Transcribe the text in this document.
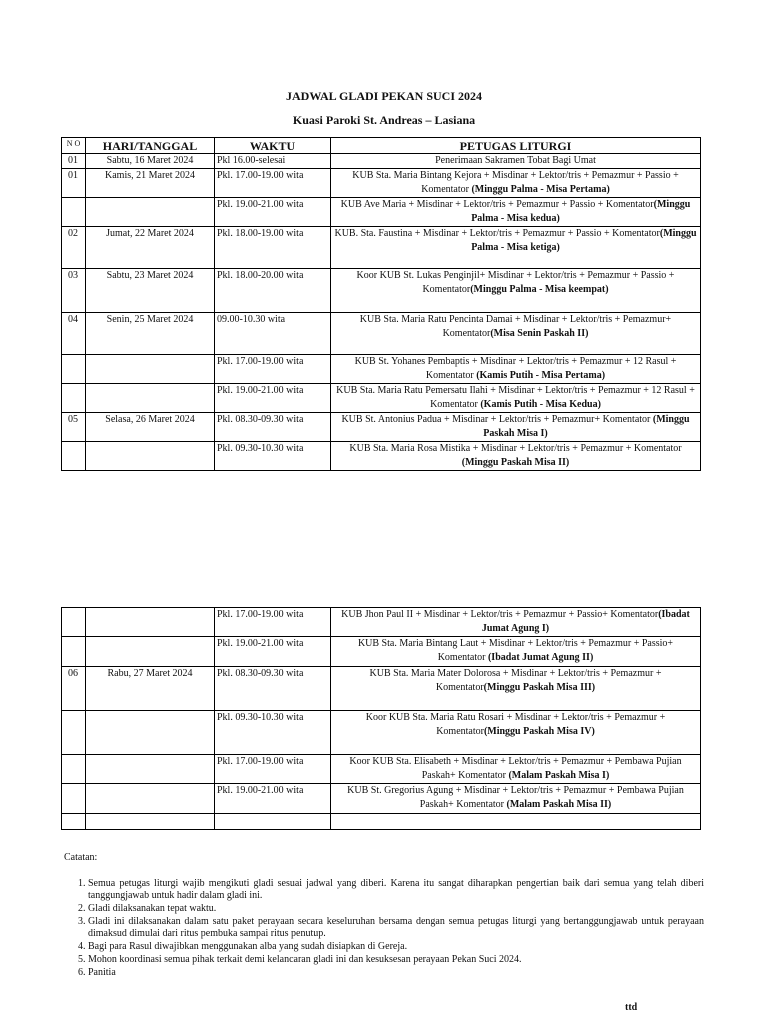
JADWAL GLADI PEKAN SUCI 2024
Kuasi Paroki St. Andreas – Lasiana
N O	HARI/TANGGAL	WAKTU	PETUGAS LITURGI
01	Sabtu, 16 Maret 2024	Pkl 16.00-selesai	Penerimaan Sakramen Tobat Bagi Umat
01	Kamis, 21 Maret 2024	Pkl. 17.00-19.00 wita	KUB Sta. Maria Bintang Kejora + Misdinar + Lektor/tris + Pemazmur + Passio + Komentator (Minggu Palma - Misa Pertama)
		Pkl. 19.00-21.00 wita	KUB Ave Maria + Misdinar + Lektor/tris + Pemazmur + Passio + Komentator(Minggu Palma - Misa kedua)
02	Jumat, 22 Maret 2024	Pkl. 18.00-19.00 wita	KUB. Sta. Faustina + Misdinar + Lektor/tris + Pemazmur + Passio + Komentator(Minggu Palma - Misa ketiga)
03	Sabtu, 23 Maret 2024	Pkl. 18.00-20.00 wita	Koor KUB St. Lukas Penginjil+ Misdinar + Lektor/tris + Pemazmur + Passio + Komentator(Minggu Palma - Misa keempat)
04	Senin, 25 Maret 2024	09.00-10.30 wita	KUB Sta. Maria Ratu Pencinta Damai + Misdinar + Lektor/tris + Pemazmur+ Komentator(Misa Senin Paskah II)
		Pkl. 17.00-19.00 wita	KUB St. Yohanes Pembaptis + Misdinar + Lektor/tris + Pemazmur + 12 Rasul + Komentator (Kamis Putih - Misa Pertama)
		Pkl. 19.00-21.00 wita	KUB Sta. Maria Ratu Pemersatu Ilahi + Misdinar + Lektor/tris + Pemazmur + 12 Rasul + Komentator (Kamis Putih - Misa Kedua)
05	Selasa, 26 Maret 2024	Pkl. 08.30-09.30 wita	KUB St. Antonius Padua + Misdinar + Lektor/tris + Pemazmur+ Komentator (Minggu Paskah Misa I)
		Pkl. 09.30-10.30 wita	KUB Sta. Maria Rosa Mistika + Misdinar + Lektor/tris + Pemazmur + Komentator (Minggu Paskah Misa II)
		Pkl. 17.00-19.00 wita	KUB Jhon Paul II + Misdinar + Lektor/tris + Pemazmur + Passio+ Komentator(Ibadat Jumat Agung I)
		Pkl. 19.00-21.00 wita	KUB Sta. Maria Bintang Laut + Misdinar + Lektor/tris + Pemazmur + Passio+ Komentator (Ibadat Jumat Agung II)
06	Rabu, 27 Maret 2024	Pkl. 08.30-09.30 wita	KUB Sta. Maria Mater Dolorosa + Misdinar + Lektor/tris + Pemazmur + Komentator(Minggu Paskah Misa III)
		Pkl. 09.30-10.30 wita	Koor KUB Sta. Maria Ratu Rosari + Misdinar + Lektor/tris + Pemazmur + Komentator(Minggu Paskah Misa IV)
		Pkl. 17.00-19.00 wita	Koor KUB Sta. Elisabeth + Misdinar + Lektor/tris + Pemazmur + Pembawa Pujian Paskah+ Komentator (Malam Paskah Misa I)
		Pkl. 19.00-21.00 wita	KUB St. Gregorius Agung + Misdinar + Lektor/tris + Pemazmur + Pembawa Pujian Paskah+ Komentator (Malam Paskah Misa II)

Catatan:
1. Semua petugas liturgi wajib mengikuti gladi sesuai jadwal yang diberi. Karena itu sangat diharapkan pengertian baik dari semua yang telah diberi tanggungjawab untuk hadir dalam gladi ini.
2. Gladi dilaksanakan tepat waktu.
3. Gladi ini dilaksanakan dalam satu paket perayaan secara keseluruhan bersama dengan semua petugas liturgi yang bertanggungjawab untuk perayaan dimaksud dimulai dari ritus pembuka sampai ritus penutup.
4. Bagi para Rasul diwajibkan menggunakan alba yang sudah disiapkan di Gereja.
5. Mohon koordinasi semua pihak terkait demi kelancaran gladi ini dan kesuksesan perayaan Pekan Suci 2024.
6. Panitia
ttd
